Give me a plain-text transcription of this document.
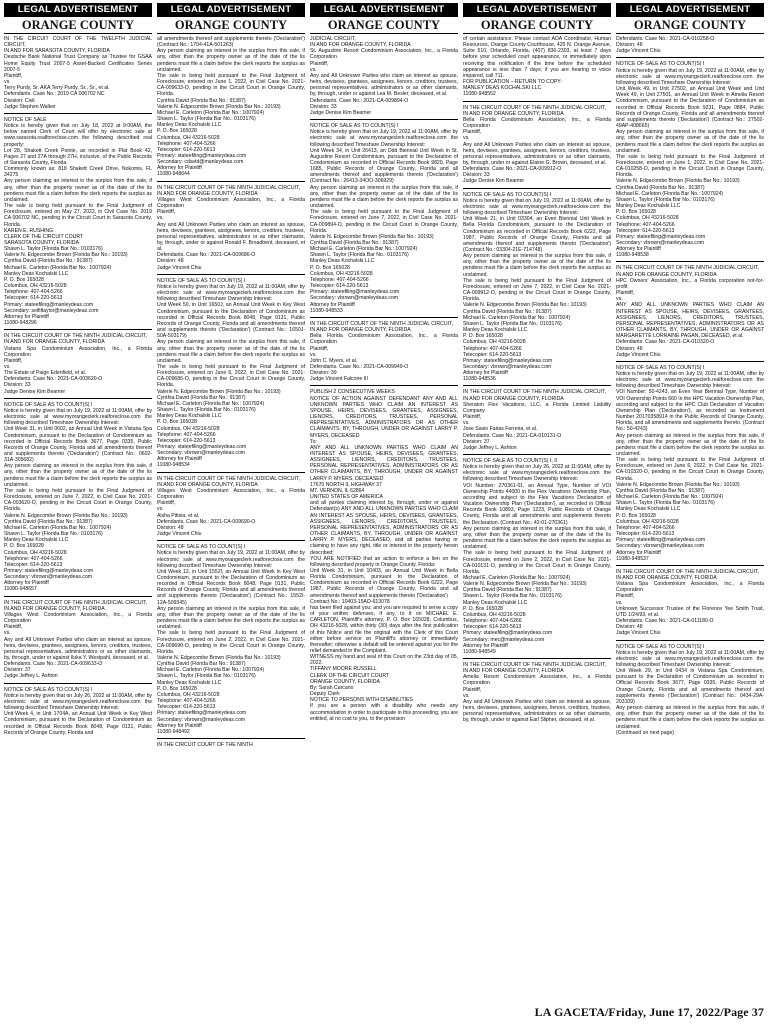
LEGAL ADVERTISEMENT
ORANGE COUNTY

IN THE CIRCUIT COURT OF THE TWELFTH JUDICIAL CIRCUIT,

IN AND FOR SARASOTA COUNTY, FLORIDA

Deutsche Bank National Trust Company as Trustee for GSAA Home Equity Trust 2007-5 Asset-Backed Certificates Series 2007-5

Plaintiff,

vs.

Terry Purdy, Sr. AKA Terry Purdy, Sr., Sr., et al.

Defendants. Case No.: 2019 CA 006702 NC

Division: Civil

Judge Stephen Walker

NOTICE OF SALE

Notice is hereby given that on July 18, 2022 at 9:00AM, the below named Clerk of Court will offer by electronic sale at www.sarasota.realforeclose.com the following described real property:

Lot 28, Shakett Creek Pointe, as recorded in Plat Book 42, Pages 27 and 27A through 27H, inclusive, of the Public Records of Sarasota County, Florida.

Commonly known as: 818 Shakett Creek Drive, Nokomis, FL 34275

Any person claiming an interest in the surplus from this sale, if any, other than the property owner as of the date of the lis pendens must file a claim before the clerk reports the surplus as unclaimed.

The sale is being held pursuant to the Final Judgment of Foreclosure, entered on May 27, 2022, in Civil Case No. 2019 CA 006702 NC, pending in the Circuit Court in Sarasota County, Florida.

KAREN E. RUSHING

CLERK OF THE CIRCUIT COURT

SARASOTA COUNTY, FLORIDA

Shawn L. Taylor (Florida Bar No.: 0103176)

Valerie N. Edgecombe Brown (Florida Bar No.: 10193)

Cynthia David (Florida Bar No.: 91387)

Michael E. Carleton (Florida Bar No.: 1007924)

Manley Deas Kochalski LLC

P. O. Box 165028

Columbus, OH 43216-5028

Telephone: 407-404-5266

Telecopier: 614-220-5613

Primary: stateefiling@manleydeas.com

Secondary: selfiltaylor@manleydeas.com

Attorney for Plaintiff

11080-948296

IN THE CIRCUIT COURT OF THE NINTH JUDICIAL CIRCUIT,

IN AND FOR ORANGE COUNTY, FLORIDA

Vistana Spa Condominium Association, Inc., a Florida Corporation

Plaintiff,

vs.

The Estate of Paige Edenfield, et al.

Defendants. Case No.: 2021-CA-003620-O

Division: 33

Judge Denise Kim Beamer

NOTICE OF SALE AS TO COUNT(S) I

Notice is hereby given that on July 19, 2022 at 11:00AM, offer by electronic sale at www.myorangeclerk.realforeclose.com the following described Timeshare Ownership Interest:

Unit Week 31, in Unit 0602, an Annual Unit Week in Vistana Spa Condominium, pursuant to the Declaration of Condominium as recorded in Official Records Book 3677, Page 0335, Public Records of Orange County, Florida and all amendments thereof and supplements thereto ('Declaration') (Contract No.: 0602-31A-305682)

Any person claiming an interest in the surplus from this sale, if any, other than the property owner as of the date of the lis pendens must file a claim before the clerk reports the surplus as unclaimed.

The sale is being held pursuant to the Final Judgment of Foreclosure, entered on June 7, 2022, in Civil Case No. 2021-CA-003620-O, pending in the Circuit Court in Orange County, Florida.

Valerie N. Edgecombe Brown (Florida Bar No.: 10193)

Cynthia David (Florida Bar No.: 91387)

Michael E. Carleton (Florida Bar No.: 1007924)

Shawn L. Taylor (Florida Bar No.: 0103176)

Manley Deas Kochalski LLC

P. O. Box 165028

Columbus, OH 43216-5028

Telephone: 407-404-5266

Telecopier: 614-220-5613

Primary: stateefiling@manleydeas.com

Secondary: vbrown@manleydeas.com

Attorney for Plaintiff

11080-948657

IN THE CIRCUIT COURT OF THE NINTH JUDICIAL CIRCUIT,

IN AND FOR ORANGE COUNTY, FLORIDA

Villages West Condominium Association, Inc., a Florida Corporation

Plaintiff,

vs.

Any and All Unknown Parties who claim an interest as spouse, heirs, devisees, grantees, assignees, lienors, creditors, trustees, personal representatives, administrators or as other claimants, by, through, under or against Iluka Y. Westpahl, deceased, et al.

Defendants. Case No.: 2021-CA-009633-O

Division: 37

Judge Jeffrey L. Ashton

NOTICE OF SALE AS TO COUNT(S) I

Notice is hereby given that on July 26, 2022 at 11:00AM, offer by electronic sale at www.myorangeclerk.realforeclose.com the following described Timeshare Ownership Interest:

Unit Week 4, in Unit 1704A, an Annual Unit Week in Key West Condominium, pursuant to the Declaration of Condominium as recorded in Official Records Book 8048, Page 0131, Public Records of Orange County, Florida and

LEGAL ADVERTISEMENT
ORANGE COUNTY

all amendments thereof and supplements thereto ('Declaration') (Contract No.: 1704-41A-501263)

Any person claiming an interest in the surplus from this sale, if any, other than the property owner as of the date of the lis pendens must file a claim before the clerk reports the surplus as unclaimed.

The sale is being held pursuant to the Final Judgment of Foreclosure, entered on June 1, 2022, in Civil Case No. 2021-CA-009633-O, pending in the Circuit Court in Orange County, Florida.

Cynthia David (Florida Bar No.: 91387)

Valerie N. Edgecombe Brown (Florida Bar No.: 10193)

Michael E. Carleton (Florida Bar No.: 1007924)

Shawn L. Taylor (Florida Bar No.: 0103176)

Manley Deas Kochalski LLC

P. O. Box 165028

Columbus, OH 43216-5028

Telephone: 407-404-5266

Telecopier: 614-220-5613

Primary: stateefiling@manleydeas.com

Secondary: cdavid@manleydeas.com

Attorney for Plaintiff

11080-948644

IN THE CIRCUIT COURT OF THE NINTH JUDICIAL CIRCUIT,

IN AND FOR ORANGE COUNTY, FLORIDA

Villages West Condominium Association, Inc., a Florida Corporation

Plaintiff,

vs.

Any and All Unknown Parties who claim an interest as spouse, heirs, devisees, grantees, assignees, lienors, creditors, trustees, personal representatives, administrators or as other claimants, by, through, under or against Ronald F. Broadbent, deceased, et al.

Defendants. Case No.: 2021-CA-009686-O

Division: 48

Judge Vincent Chiu

NOTICE OF SALE AS TO COUNT(S) I

Notice is hereby given that on July 19, 2022 at 11:00AM, offer by electronic sale at www.myorangeclerk.realforeclose.com the following described Timeshare Ownership Interest:

Unit Week 50, in Unit 1650J, an Annual Unit Week in Key West Condominium, pursuant to the Declaration of Condominium as recorded in Official Records Book 8048, Page 0131, Public Records of Orange County, Florida and all amendments thereof and supplements thereto ('Declaration') (Contract No.: 1650J-50A-503179)

Any person claiming an interest in the surplus from this sale, if any, other than the property owner as of the date of the lis pendens must file a claim before the clerk reports the surplus as unclaimed.

The sale is being held pursuant to the Final Judgment of Foreclosure, entered on June 6, 2022, in Civil Case No. 2021-CA-009686-O, pending in the Circuit Court in Orange County, Florida.

Valerie N. Edgecombe Brown (Florida Bar No.: 10193)

Cynthia David (Florida Bar No.: 91387)

Michael E. Carleton (Florida Bar No.: 1007924)

Shawn L. Taylor (Florida Bar No.: 0103176)

Manley Deas Kochalski LLC

P. O. Box 165028

Columbus, OH 43216-5028

Telephone: 407-404-5266

Telecopier: 614-220-5613

Primary: stateefiling@manleydeas.com

Secondary: vbrown@manleydeas.com

Attorney for Plaintiff

11080-948534

IN THE CIRCUIT COURT OF THE NINTH JUDICIAL CIRCUIT,

IN AND FOR ORANGE COUNTY, FLORIDA

Villages West Condominium Association, Inc., a Florida Corporation

Plaintiff,

vs.

Aisha Pittsia, et al.

Defendants. Case No.: 2021-CA-009690-O

Division: 48

Judge Vincent Chiu

NOTICE OF SALE AS TO COUNT(S) I

Notice is hereby given that on July 19, 2022 at 11:00AM, offer by electronic sale at www.myorangeclerk.realforeclose.com the following described Timeshare Ownership Interest:

Unit Week 12, in Unit 1552I, an Annual Unit Week in Key West Condominium, pursuant to the Declaration of Condominium as recorded in Official Records Book 8048, Page 0131, Public Records of Orange County, Florida and all amendments thereof and supplements thereto ('Declaration') (Contract No.: 1552I-12A-509345)

Any person claiming an interest in the surplus from this sale, if any, other than the property owner as of the date of the lis pendens must file a claim before the clerk reports the surplus as unclaimed.

The sale is being held pursuant to the Final Judgment of Foreclosure, entered on June 2, 2022, in Civil Case No. 2021-CA-009690-O, pending in the Circuit Court in Orange County, Florida.

Valerie N. Edgecombe Brown (Florida Bar No.: 10193)

Cynthia David (Florida Bar No.: 91387)

Michael E. Carleton (Florida Bar No.: 1007924)

Shawn L. Taylor (Florida Bar No.: 0103176)

Manley Deas Kochalski LLC

P. O. Box 165028

Columbus, OH 43216-5028

Telephone: 407-404-5266

Telecopier: 614-220-5613

Primary: stateefiling@manleydeas.com

Secondary: vbrown@manleydeas.com

Attorney for Plaintiff

11080-948492

IN THE CIRCUIT COURT OF THE NINTH

LEGAL ADVERTISEMENT
ORANGE COUNTY

JUDICIAL CIRCUIT,

IN AND FOR ORANGE COUNTY, FLORIDA

St. Augustine Resort Condominium Association, Inc., a Florida Corporation

Plaintiff,

vs.

Any and All Unknown Parties who claim an interest as spouse, heirs, devisees, grantees, assignees, lienors, creditors, trustees, personal representatives, administrators or as other claimants, by, through, under or against Lea M. Besler, deceased, et al.

Defendants. Case No.: 2021-CA-009894-O

Division: 33

Judge Denise Kim Beamer

NOTICE OF SALE AS TO COUNT(S) I

Notice is hereby given that on July 19, 2022 at 11:00AM, offer by electronic sale at www.myorangeclerk.realforeclose.com the following described Timeshare Ownership Interest:

Unit Week 34, in Unit 26413, an Odd Biennial Unit Week in St. Augustine Resort Condominium, pursuant to the Declaration of Condominium as recorded in Official Records Book 9820, Page 1685, Public Records of Orange County, Florida and all amendments thereof and supplements thereto ('Declaration') (Contract No.: 26413-34OO-306929)

Any person claiming an interest in the surplus from this sale, if any, other than the property owner as of the date of the lis pendens must file a claim before the clerk reports the surplus as unclaimed.

The sale is being held pursuant to the Final Judgment of Foreclosure, entered on June 7, 2022, in Civil Case No. 2021-CA-009894-O, pending in the Circuit Court in Orange County, Florida.

Valerie N. Edgecombe Brown (Florida Bar No.: 10193)

Cynthia David (Florida Bar No.: 91387)

Michael E. Carleton (Florida Bar No.: 1007924)

Shawn L. Taylor (Florida Bar No.: 0103176)

Manley Deas Kochalski LLC

P. O. Box 165028

Columbus, OH 43216-5028

Telephone: 407-404-5266

Telecopier: 614-220-5613

Primary: stateefiling@manleydeas.com

Secondary: vbrown@manleydeas.com

Attorney for Plaintiff

11080-948533

IN THE CIRCUIT COURT OF THE NINTH JUDICIAL CIRCUIT,

IN AND FOR ORANGE COUNTY, FLORIDA

Bella Florida Condominium Association, Inc., a Florida Corporation

Plaintiff,

vs.

John C. Myers, et al.

Defendants. Case No.: 2021-CA-009949-O

Division: 39

Judge Vincent Falcone III

PUBLISH 2 CONSECUTIVE WEEKS

NOTICE OF ACTION AGAINST DEFENDANT ANY AND ALL UNKNOWN PARTIES WHO CLAIM AN INTEREST AS SPOUSE, HEIRS, DEVISEES, GRANTEES, ASSIGNEES, LIENORS, CREDITORS, TRUSTEES, PERSONAL REPRESENTATIVES, ADMINISTRATORS OR AS OTHER CLAIMANTS, BY, THROUGH, UNDER OR AGAINST LARRY P. MYERS, DECEASED

To:

ANY AND ALL UNKNOWN PARTIES WHO CLAIM AN INTEREST AS SPOUSE, HEIRS, DEVISEES, GRANTEES, ASSIGNEES, LIENORS, CREDITORS, TRUSTEES, PERSONAL REPRESENTATIVES, ADMINISTRATORS OR AS OTHER CLAIMANTS, BY, THROUGH, UNDER OR AGAINST LARRY P. MYERS, DECEASED

17670 NORTH IL HIGHWAY 37

MT. VERNON, IL 62864

UNITED STATES OF AMERICA

and all parties claiming interest by, through, under or against Defendant(s) ANY AND ALL UNKNOWN PARTIES WHO CLAIM AN INTEREST AS SPOUSE, HEIRS, DEVISEES, GRANTEES, ASSIGNEES, LIENORS, CREDITORS, TRUSTEES, PERSONAL REPRESENTATIVES, ADMINISTRATORS OR AS OTHER CLAIMANTS, BY, THROUGH, UNDER OR AGAINST LARRY P. MYERS, DECEASED, and all parties having or claiming to have any right, title or interest in the property herein described;

YOU ARE NOTIFIED that an action to enforce a lien on the following described property in Orange County, Florida:

Unit Week 31, in Unit 10403, an Annual Unit Week in Bella Florida Condominium, pursuant to the Declaration of Condominium as recorded in Official Records Book 6222, Page 1987, Public Records of Orange County, Florida and all amendments thereof and supplements thereto ('Declaration')

Contract No.: 10403-15AO-613078

has been filed against you; and you are required to serve a copy of your written defenses, if any, to it on MICHAEL E. CARLETON, Plaintiff's attorney, P. O. Box 165028, Columbus, OH 43216-5028, within thirty (30) days after the first publication of this Notice and file the original with the Clerk of this Court either before service on Plaintiff's attorney or immediately thereafter; otherwise a default will be entered against you for the relief demanded in the Complaint.

WITNESS my hand and seal of this Court on the 23rd day of 05, 2022.

TIFFANY MOORE RUSSELL

CLERK OF THE CIRCUIT COURT

ORANGE COUNTY, FLORIDA

By: Sarah Carcano

Deputy Clerk

NOTICE TO PERSONS WITH DISABILITIES

If you are a person with a disability who needs any accommodation in order to participate in this proceeding, you are entitled, at no cost to you, to the provision

LEGAL ADVERTISEMENT
ORANGE COUNTY

of certain assistance. Please contact ADA Coordinator, Human Resources, Orange County Courthouse, 425 N. Orange Avenue, Suite 510, Orlando, Florida, (407) 836-2303, at least 7 days before your scheduled court appearance, or immediately upon receiving this notification if the time before the scheduled appearance is less than 7 days; if you are hearing or voice impaired, call 711.

FOR PUBLICATION – RETURN TO COPY:

MANLEY DEAS KOCHALSKI LLC

11080-948552

IN THE CIRCUIT COURT OF THE NINTH JUDICIAL CIRCUIT,

IN AND FOR ORANGE COUNTY, FLORIDA

Bella Florida Condominium Association, Inc., a Florida Corporation

Plaintiff,

vs.

Any and All Unknown Parties who claim an interest as spouse, heirs, devisees, grantees, assignees, lienors, creditors, trustees, personal representatives, administrators or as other claimants, by, through, under or against Elaine G. Brown, deceased, et al.

Defendants. Case No.: 2021-CA-009912-O

Division: 33

Judge Denise Kim Beamer

NOTICE OF SALE AS TO COUNT(S) I

Notice is hereby given that on July 19, 2022 at 11:00AM, offer by electronic sale at www.myorangeclerk.realforeclose.com the following described Timeshare Ownership Interest:

Unit Week 21, in Unit 03304, an Even Biennial Unit Week in Bella Florida Condominium, pursuant to the Declaration of Condominium as recorded in Official Records Book 6222, Page 1987, Public Records of Orange County, Florida and all amendments thereof and supplements thereto ('Declaration') (Contract No.: 03304-21E-714748)

Any person claiming an interest in the surplus from this sale, if any, other than the property owner as of the date of the lis pendens must file a claim before the clerk reports the surplus as unclaimed.

The sale is being held pursuant to the Final Judgment of Foreclosure, entered on June 7, 2022, in Civil Case No. 2021-CA-009912-O, pending in the Circuit Court in Orange County, Florida.

Valerie N. Edgecombe Brown (Florida Bar No.: 10193)

Cynthia David (Florida Bar No.: 91387)

Michael E. Carleton (Florida Bar No.: 1007924)

Shawn L. Taylor (Florida Bar No.: 0103176)

Manley Deas Kochalski LLC

P. O. Box 165028

Columbus, OH 43216-5028

Telephone: 407-404-5266

Telecopier: 614-220-5613

Primary: stateefiling@manleydeas.com

Secondary: vbrown@manleydeas.com

Attorney for Plaintiff

11080-948536

IN THE CIRCUIT COURT OF THE NINTH JUDICIAL CIRCUIT,

IN AND FOR ORANGE COUNTY, FLORIDA

Sheraton Flex Vacations, LLC, a Florida Limited Liability Company

Plaintiff,

vs.

Jose Savio Farias Ferreira, et al.

Defendants. Case No.: 2021-CA-010131-O

Division: 37

Judge Jeffrey L. Ashton

NOTICE OF SALE AS TO COUNT(S) I, II

Notice is hereby given that on July 26, 2022 at 11:00AM, offer by electronic sale at www.myorangeclerk.realforeclose.com the following described Timeshare Ownership Interest:

VOI Number: 270361-01, an Annual Type, Number of VOI Ownership Points 44000 in the Flex Vacations Ownership Plan, according and subject to the Flex Vacations Declaration of Vacation Ownership Plan ('Declaration'), as recorded in Official Records Book 10893, Page 1223, Public Records of Orange County, Florida and all amendments and supplements thereto the Declaration. (Contract No.: 42-01-270361)

Any person claiming an interest in the surplus from this sale, if any, other than the property owner as of the date of the lis pendens must file a claim before the clerk reports the surplus as unclaimed.

The sale is being held pursuant to the Final Judgment of Foreclosure, entered on June 2, 2022, in Civil Case No. 2021-CA-010131-O, pending in the Circuit Court in Orange County, Florida.

Michael E. Carleton (Florida Bar No.: 1007924)

Valerie N. Edgecombe Brown (Florida Bar No.: 10193)

Cynthia David (Florida Bar No.: 91387)

Shawn L. Taylor (Florida Bar No.: 0103176)

Manley Deas Kochalski LLC

P. O. Box 165028

Columbus, OH 43216-5028

Telephone: 407-404-5266

Telecopier: 614-220-5613

Primary: stateefiling@manleydeas.com

Secondary: mec@manleydeas.com

Attorney for Plaintiff

11080-948549

IN THE CIRCUIT COURT OF THE NINTH JUDICIAL CIRCUIT,

IN AND FOR ORANGE COUNTY, FLORIDA

Amelia Resort Condominium Association, Inc., a Florida Corporation

Plaintiff,

vs.

Any and All Unknown Parties who claim an interest as spouse, heirs, devisees, grantees, assignees, lienors, creditors, trustees, personal representatives, administrators or as other claimants, by, through, under or against Earl Slipher, deceased, et al.

LEGAL ADVERTISEMENT
ORANGE COUNTY

Defendants. Case No.: 2021-CA-010258-O

Division: 48

Judge Vincent Chiu

NOTICE OF SALE AS TO COUNT(S) I

Notice is hereby given that on July 19, 2022 at 11:00AM, offer by electronic sale at www.myorangeclerk.realforeclose.com the following described Timeshare Ownership Interest:

Unit Week 49, in Unit 27502, an Annual Unit Week and Unit Week 49, in Unit 27501, an Annual Unit Week in Amelia Resort Condominium, pursuant to the Declaration of Condominium as recorded in Official Records Book 9231, Page 0884, Public Records of Orange County, Florida and all amendments thereof and supplements thereto ('Declaration') (Contract No.: 27502-49AP-408665)

Any person claiming an interest in the surplus from this sale, if any, other than the property owner as of the date of the lis pendens must file a claim before the clerk reports the surplus as unclaimed.

The sale is being held pursuant to the Final Judgment of Foreclosure, entered on June 1, 2022, in Civil Case No. 2021-CA-010258-O, pending in the Circuit Court in Orange County, Florida.

Valerie N. Edgecombe Brown (Florida Bar No.: 10193)

Cynthia David (Florida Bar No.: 91387)

Michael E. Carleton (Florida Bar No.: 1007924)

Shawn L. Taylor (Florida Bar No.: 0103176)

Manley Deas Kochalski LLC

P. O. Box 165028

Columbus, OH 43216-5028

Telephone: 407-404-5266

Telecopier: 614-220-5613

Primary: stateefiling@manleydeas.com

Secondary: vbrown@manleydeas.com

Attorney for Plaintiff

11080-948538

IN THE CIRCUIT COURT OF THE NINTH JUDICIAL CIRCUIT,

IN AND FOR ORANGE COUNTY, FLORIDA

HPC Owners' Association, Inc., a Florida corporation not-for-profit

Plaintiff,

vs.

ANY AND ALL UNKNOWN PARTIES WHO CLAIM AN INTEREST AS SPOUSE, HEIRS, DEVISEES, GRANTEES, ASSIGNEES, LIENORS, CREDITORS, TRUSTEES, PERSONAL REPRESENTATIVES, ADMINISTRATORS OR AS OTHER CLAIMANTS, BY, THROUGH, UNDER OR AGAINST MARGARETTE LORRAINE PAGAN, DECEASED, et al.

Defendants. Case No.: 2021-CA-010320-O

Division: 48

Judge Vincent Chiu

NOTICE OF SALE AS TO COUNT(S) I

Notice is hereby given that on July 19, 2022 at 11:00AM, offer by electronic sale at www.myorangeclerk.realforeclose.com the following described Timeshare Ownership Interest:

VOI Number: 50-4243, an Even Year Biennial Type, Number of VOI Ownership Points 660 in the HPC Vacation Ownership Plan, according and subject to the HPC Club Declaration of Vacation Ownership Plan ('Declaration'), as recorded as Instrument Number 20170358914 in the Public Records of Orange County, Florida, and all amendments and supplements thereto. (Contract No.: 50-4243)

Any person claiming an interest in the surplus from this sale, if any, other than the property owner as of the date of the lis pendens must file a claim before the clerk reports the surplus as unclaimed.

The sale is being held pursuant to the Final Judgment of Foreclosure, entered on June 6, 2022, in Civil Case No. 2021-CA-010320-O, pending in the Circuit Court in Orange County, Florida.

Valerie N. Edgecombe Brown (Florida Bar No.: 10193)

Cynthia David (Florida Bar No.: 91387)

Michael E. Carleton (Florida Bar No.: 1007924)

Shawn L. Taylor (Florida Bar No.: 0103176)

Manley Deas Kochalski LLC

P. O. Box 165028

Columbus, OH 43216-5028

Telephone: 407-404-5266

Telecopier: 614-220-5613

Primary: stateefiling@manleydeas.com

Secondary: vbrown@manleydeas.com

Attorney for Plaintiff

11080-948537

IN THE CIRCUIT COURT OF THE NINTH JUDICIAL CIRCUIT,

IN AND FOR ORANGE COUNTY, FLORIDA

Vistana Spa Condominium Association, Inc., a Florida Corporation

Plaintiff,

vs.

Unknown Successor Trustee of the Florence Yee Smith Trust, UTD 1/24/93, et al.

Defendants. Case No.: 2021-CA-011180-O

Division: 48

Judge Vincent Chiu

NOTICE OF SALE AS TO COUNT(S) I

Notice is hereby given that on July 19, 2022 at 11:00AM, offer by electronic sale at www.myorangeclerk.realforeclose.com the following described Timeshare Ownership Interest:

Unit Week 29, in Unit 0434 in Vistana Spa Condominium, pursuant to the Declaration of Condominium as recorded in Official Records Book 3677, Page 0335, Public Records of Orange County, Florida and all amendments thereof and supplements thereto ('Declaration') (Contract No.: 0434-29A-203109)

Any person claiming an interest in the surplus from this sale, if any, other than the property owner as of the date of the lis pendens must file a claim before the clerk reports the surplus as unclaimed.

(Continued on next page)

LA GACETA/Friday, June 17, 2022/Page 37
